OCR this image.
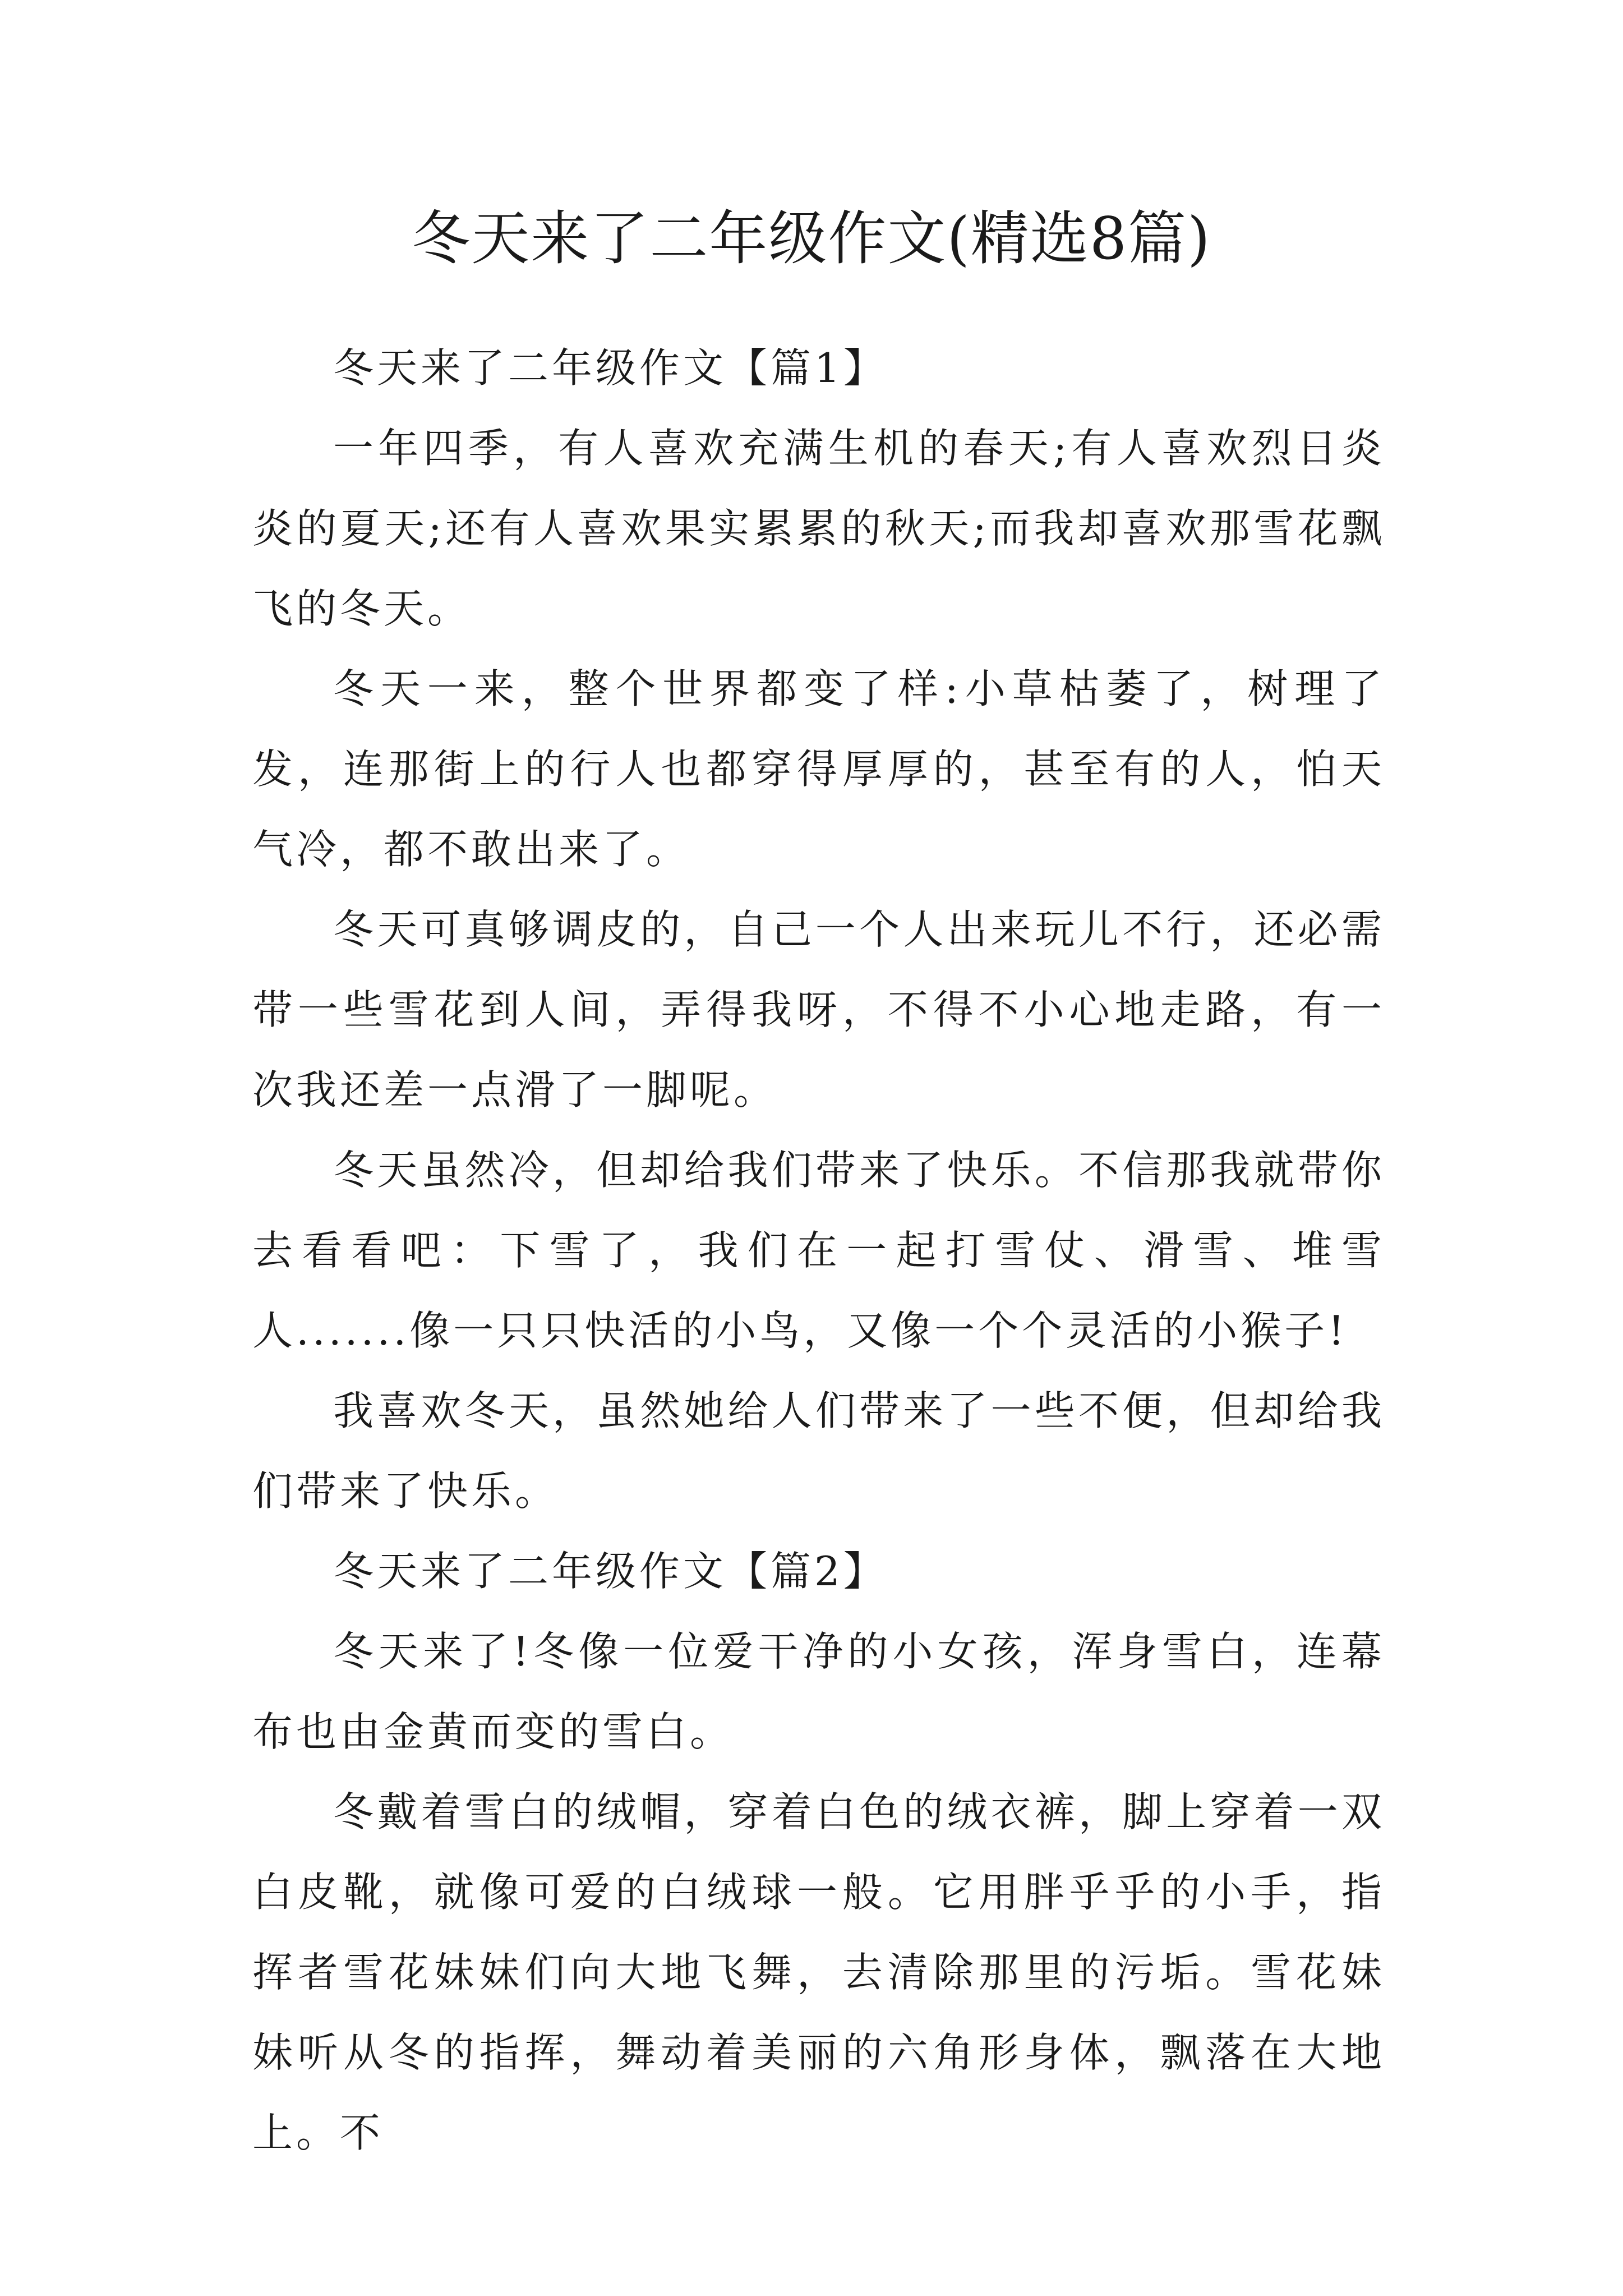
冬天来了二年级作文(精选8篇)

冬天来了二年级作文【篇1】

一年四季，有人喜欢充满生机的春天;有人喜欢烈日炎炎的夏天;还有人喜欢果实累累的秋天;而我却喜欢那雪花飘飞的冬天。

冬天一来，整个世界都变了样:小草枯萎了，树理了发，连那街上的行人也都穿得厚厚的，甚至有的人，怕天气冷，都不敢出来了。

冬天可真够调皮的，自己一个人出来玩儿不行，还必需带一些雪花到人间，弄得我呀，不得不小心地走路，有一次我还差一点滑了一脚呢。

冬天虽然冷，但却给我们带来了快乐。不信那我就带你去看看吧：下雪了，我们在一起打雪仗、滑雪、堆雪人.......像一只只快活的小鸟，又像一个个灵活的小猴子!

我喜欢冬天，虽然她给人们带来了一些不便，但却给我们带来了快乐。

冬天来了二年级作文【篇2】

冬天来了!冬像一位爱干净的小女孩，浑身雪白，连幕布也由金黄而变的雪白。

冬戴着雪白的绒帽，穿着白色的绒衣裤，脚上穿着一双白皮靴，就像可爱的白绒球一般。它用胖乎乎的小手，指挥者雪花妹妹们向大地飞舞，去清除那里的污垢。雪花妹妹听从冬的指挥，舞动着美丽的六角形身体，飘落在大地上。不
